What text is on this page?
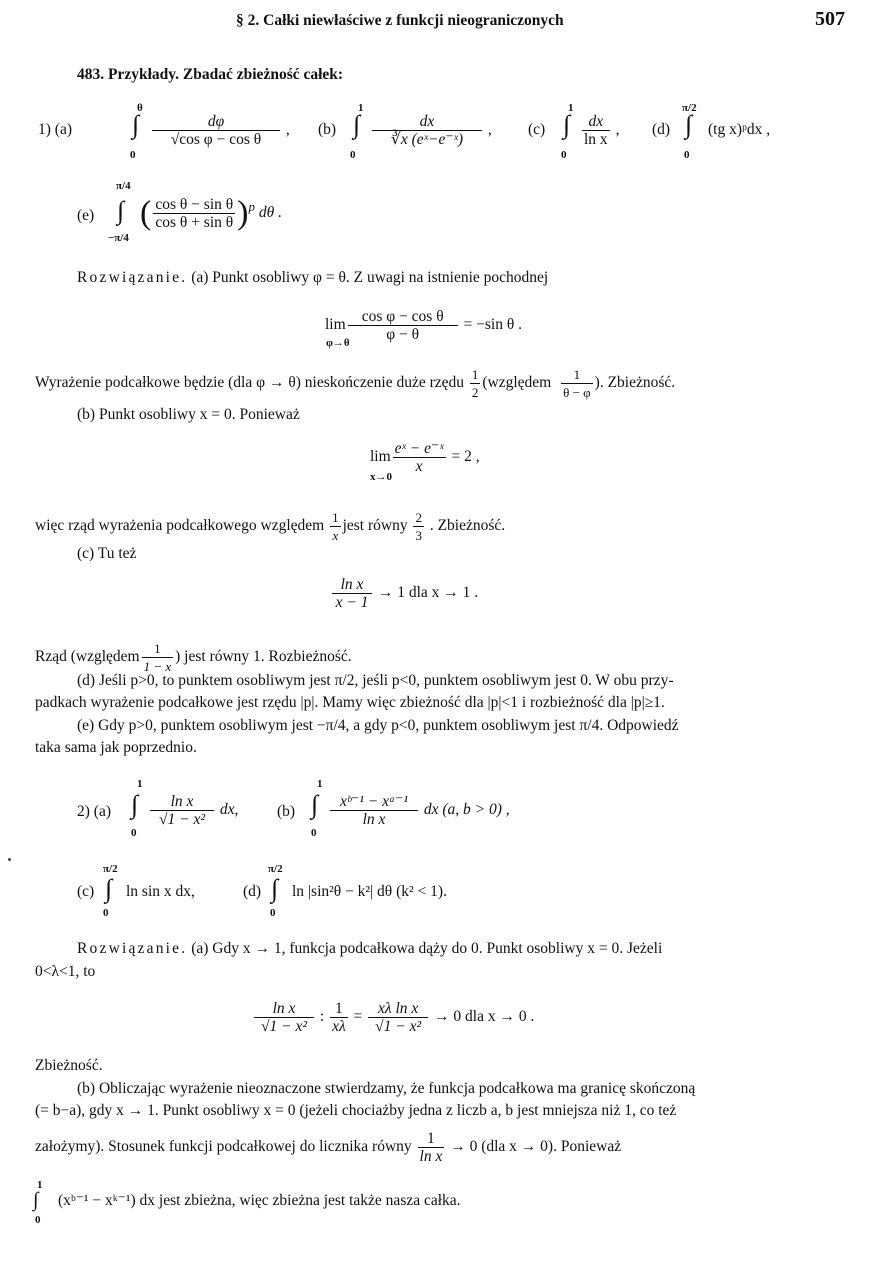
§ 2. Całki niewłaściwe z funkcji nieograniczonych	507
483. Przykłady. Zbadać zbieżność całek:
1) (a)
θ
∫
0
$\frac{d\varphi}{\text{√cos φ − cos θ}}$ , (b)
1
∫
0
$\frac{dx}{\text{∛x (eˣ−e⁻ˣ)}}$ , (c)
1
∫
0
$\frac{dx}{\text{ln x}}$ , (d)
π/2
∫
0
(tg x)ᵖdx ,
(e)
π/4
∫
−π/4
( $\frac{\text{cos θ − sin θ}}{\text{cos θ + sin θ}} )^p$ dθ .
Rozwiązanie. (a) Punkt osobliwy φ = θ. Z uwagi na istnienie pochodnej
$\lim \frac{\text{cos φ − cos θ}}{\varphi - \theta} = -\sin$ θ .
φ→θ
Wyrażenie podcałkowe będzie (dla φ → θ) nieskończenie duże rzędu $\frac{1}{2}$ (względem $\frac{1}{\theta - \varphi}$ ). Zbieżność.
(b) Punkt osobliwy x = 0. Ponieważ
$\lim \frac{\text{eˣ − e⁻ˣ}}{x} = 2$ ,
x→0
więc rząd wyrażenia podcałkowego względem $\frac{1}{x}$ jest równy $\frac{2}{3}$ . Zbieżność.
(c) Tu też
$\frac{\text{ln x}}{x - 1} \to 1$ dla x → 1 .
Rząd (względem $\frac{1}{1 - x}$ ) jest równy 1. Rozbieżność.
(d) Jeśli p>0, to punktem osobliwym jest π/2, jeśli p<0, punktem osobliwym jest 0. W obu przy-
padkach wyrażenie podcałkowe jest rzędu |p|. Mamy więc zbieżność dla |p|<1 i rozbieżność dla |p|≥1.
(e) Gdy p>0, punktem osobliwym jest −π/4, a gdy p<0, punktem osobliwym jest π/4. Odpowiedź
taka sama jak poprzednio.
2) (a)
1
∫
0
$\frac{\text{ln x}}{\text{√1 − x²}}$ dx, (b)
1
∫
0
$\frac{\text{xᵇ⁻¹ − xᵃ⁻¹}}{\text{ln x}}$ dx (a, b > 0) ,
(c)
π/2
∫
0
ln sin x dx,	(d)
π/2
∫
0
ln |sin²θ − k²| dθ (k² < 1).
Rozwiązanie. (a) Gdy x → 1, funkcja podcałkowa dąży do 0. Punkt osobliwy x = 0. Jeżeli
0<λ<1, to
$\frac{\text{ln x}}{\text{√1 − x²}}$ : $\frac{1}{x\lambda} = \frac{\text{xλ ln x}}{\text{√1 − x²}} \to 0$ dla x → 0 .
Zbieżność.
(b) Obliczając wyrażenie nieoznaczone stwierdzamy, że funkcja podcałkowa ma granicę skończoną
(= b−a), gdy x → 1. Punkt osobliwy x = 0 (jeżeli chociażby jedna z liczb a, b jest mniejsza niż 1, co też
założymy). Stosunek funkcji podcałkowej do licznika równy $\frac{1}{\text{ln x}} \to 0$ (dla x → 0). Ponieważ
1
∫
0
(xᵇ⁻¹ − xᵏ⁻¹) dx jest zbieżna, więc zbieżna jest także nasza całka.
